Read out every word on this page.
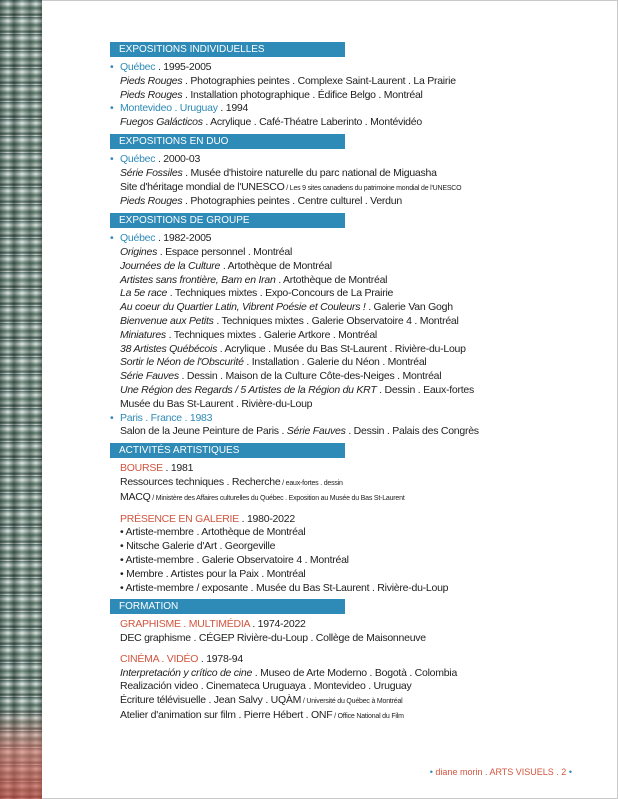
EXPOSITIONS INDIVIDUELLES
• Québec . 1995-2005
Pieds Rouges . Photographies peintes . Complexe Saint-Laurent . La Prairie
Pieds Rouges . Installation photographique . Édifice Belgo . Montréal
• Montevideo . Uruguay . 1994
Fuegos Galácticos . Acrylique . Café-Théatre Laberinto . Montévidéo
EXPOSITIONS EN DUO
• Québec . 2000-03
Série Fossiles . Musée d'histoire naturelle du parc national de Miguasha
Site d'héritage mondial de l'UNESCO / Les 9 sites canadiens du patrimoine mondial de l'UNESCO
Pieds Rouges . Photographies peintes . Centre culturel . Verdun
EXPOSITIONS DE GROUPE
• Québec . 1982-2005
Origines . Espace personnel . Montréal
Journées de la Culture . Artothèque de Montréal
Artistes sans frontière, Bam en Iran . Artothèque de Montréal
La 5e race . Techniques mixtes . Expo-Concours de La Prairie
Au coeur du Quartier Latin, Vibrent Poésie et Couleurs ! . Galerie Van Gogh
Bienvenue aux Petits . Techniques mixtes . Galerie Observatoire 4 . Montréal
Miniatures . Techniques mixtes . Galerie Artkore . Montréal
38 Artistes Québécois . Acrylique . Musée du Bas St-Laurent . Rivière-du-Loup
Sortir le Néon de l'Obscurité . Installation . Galerie du Néon . Montréal
Série Fauves . Dessin . Maison de la Culture Côte-des-Neiges . Montréal
Une Région des Regards / 5 Artistes de la Région du KRT . Dessin . Eaux-fortes
Musée du Bas St-Laurent . Rivière-du-Loup
• Paris . France . 1983
Salon de la Jeune Peinture de Paris . Série Fauves . Dessin . Palais des Congrès
ACTIVITÉS ARTISTIQUES
BOURSE . 1981
Ressources techniques . Recherche / eaux-fortes . dessin
MACQ / Ministère des Affaires culturelles du Québec . Exposition au Musée du Bas St-Laurent
PRÉSENCE EN GALERIE . 1980-2022
• Artiste-membre . Artothèque de Montréal
• Nitsche Galerie d'Art . Georgeville
• Artiste-membre . Galerie Observatoire 4 . Montréal
• Membre . Artistes pour la Paix . Montréal
• Artiste-membre / exposante . Musée du Bas St-Laurent . Rivière-du-Loup
FORMATION
GRAPHISME . MULTIMÉDIA . 1974-2022
DEC graphisme . CÉGEP Rivière-du-Loup . Collège de Maisonneuve
CINÉMA . VIDÉO . 1978-94
Interpretación y crítico de cine . Museo de Arte Moderno . Bogotà . Colombia
Realización video . Cinemateca Uruguaya . Montevideo . Uruguay
Écriture télévisuelle . Jean Salvy . UQÀM / Université du Québec à Montréal
Atelier d'animation sur film . Pierre Hébert . ONF / Office National du Film
• diane morin . ARTS VISUELS . 2 •
